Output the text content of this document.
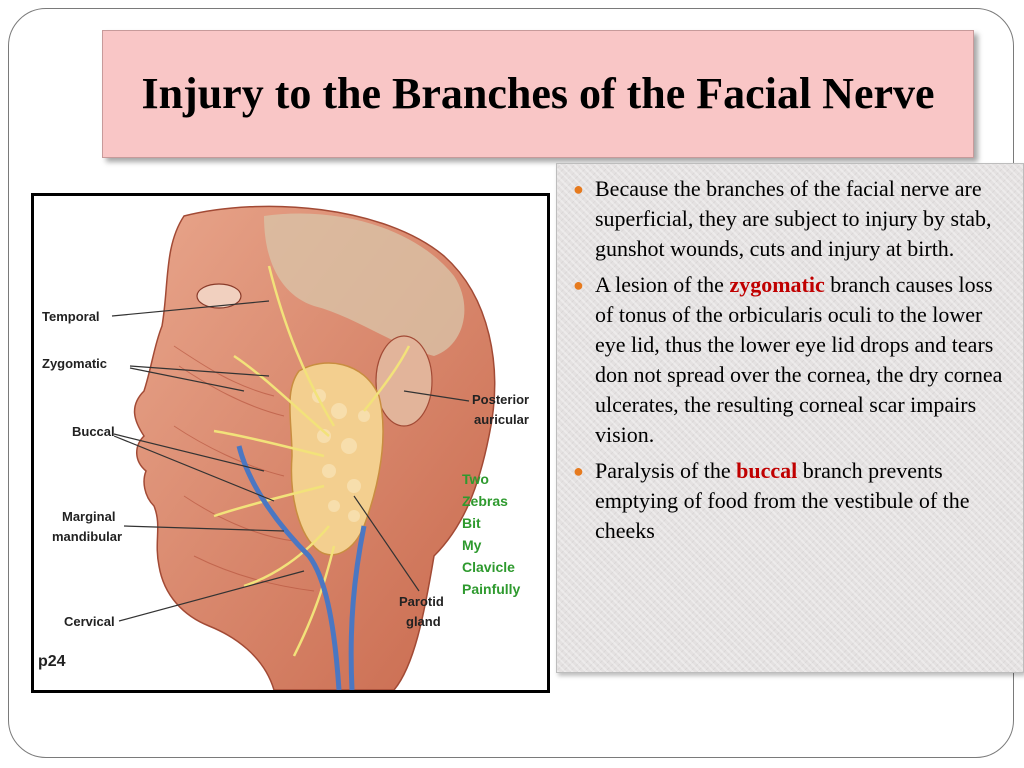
Injury to the Branches of the Facial Nerve
Temporal
Zygomatic
Buccal
Marginal
mandibular
Cervical
Posterior
auricular
Parotid
gland
p24
Two
Zebras
Bit
My
Clavicle
Painfully
● Because the branches of the facial nerve are superficial, they are subject to injury by stab, gunshot wounds, cuts and injury at birth.
● A lesion of the zygomatic branch causes loss of tonus of the orbicularis oculi to the lower eye lid, thus the lower eye lid drops and tears don not spread over the cornea, the dry cornea ulcerates, the resulting corneal scar impairs vision.
● Paralysis of the buccal branch prevents emptying of food from the vestibule of the cheeks
